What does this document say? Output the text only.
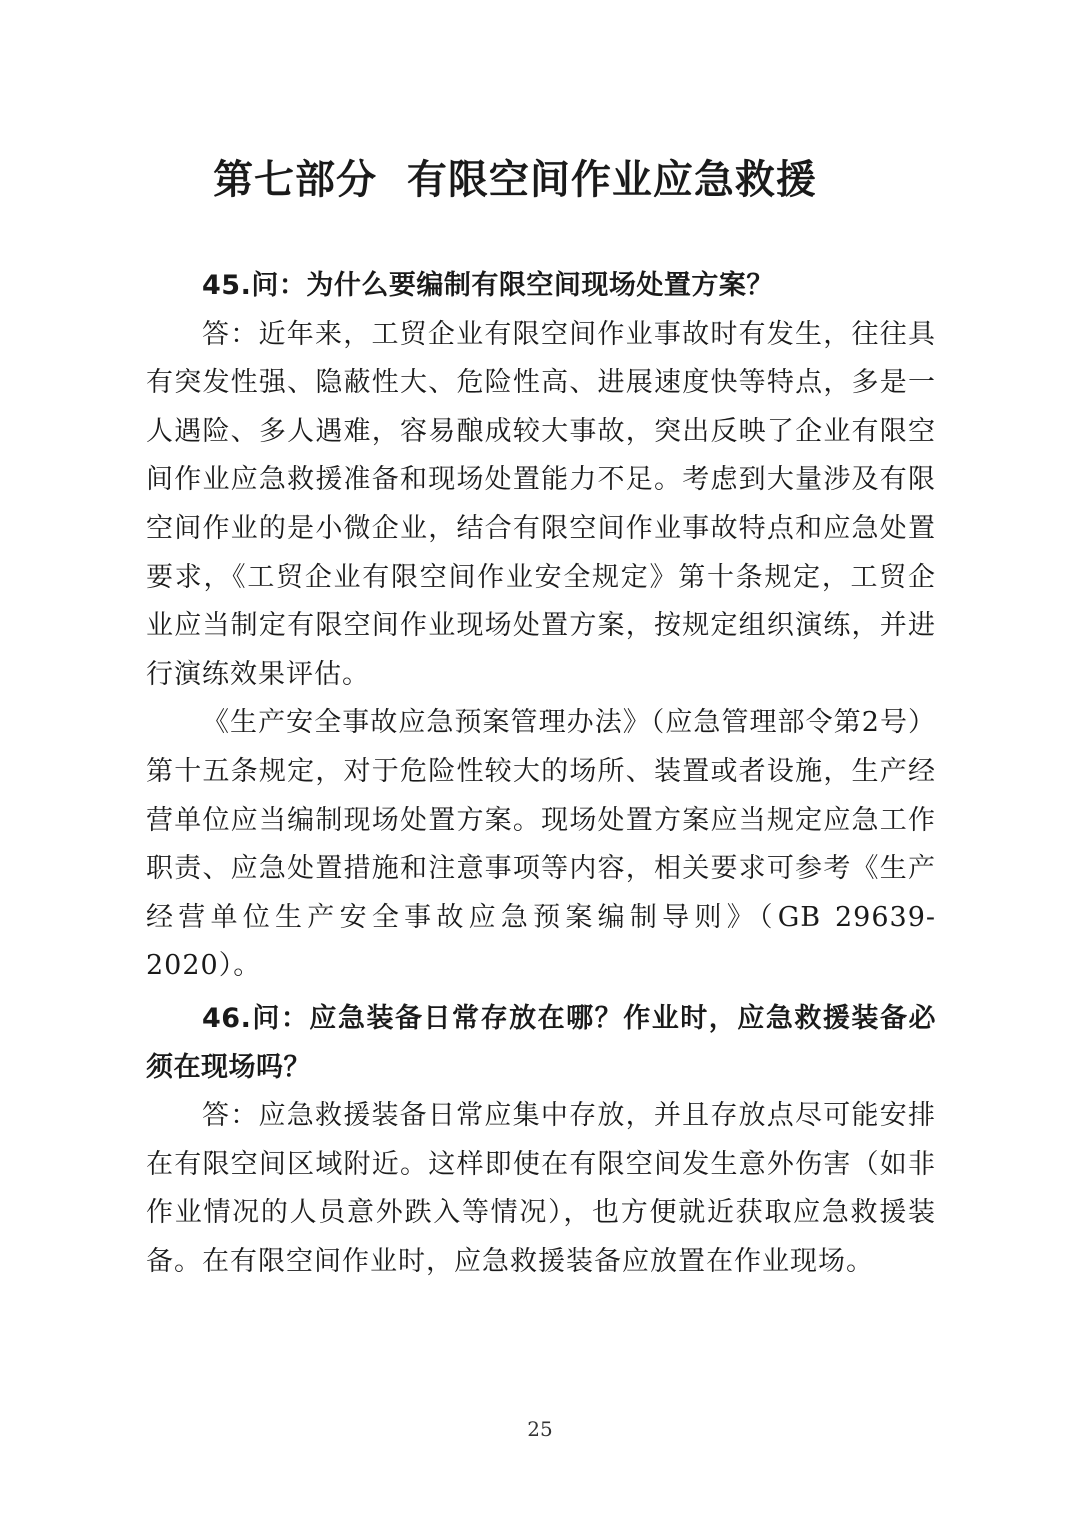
第七部分  有限空间作业应急救援

45.问：为什么要编制有限空间现场处置方案？

答：近年来，工贸企业有限空间作业事故时有发生，往往具有突发性强、隐蔽性大、危险性高、进展速度快等特点，多是一人遇险、多人遇难，容易酿成较大事故，突出反映了企业有限空间作业应急救援准备和现场处置能力不足。考虑到大量涉及有限空间作业的是小微企业，结合有限空间作业事故特点和应急处置要求，《工贸企业有限空间作业安全规定》第十条规定，工贸企业应当制定有限空间作业现场处置方案，按规定组织演练，并进行演练效果评估。

《生产安全事故应急预案管理办法》（应急管理部令第2号）第十五条规定，对于危险性较大的场所、装置或者设施，生产经营单位应当编制现场处置方案。现场处置方案应当规定应急工作职责、应急处置措施和注意事项等内容，相关要求可参考《生产经营单位生产安全事故应急预案编制导则》（GB 29639-2020）。

46.问：应急装备日常存放在哪？作业时，应急救援装备必须在现场吗？

答：应急救援装备日常应集中存放，并且存放点尽可能安排在有限空间区域附近。这样即使在有限空间发生意外伤害（如非作业情况的人员意外跌入等情况），也方便就近获取应急救援装备。在有限空间作业时，应急救援装备应放置在作业现场。

25
